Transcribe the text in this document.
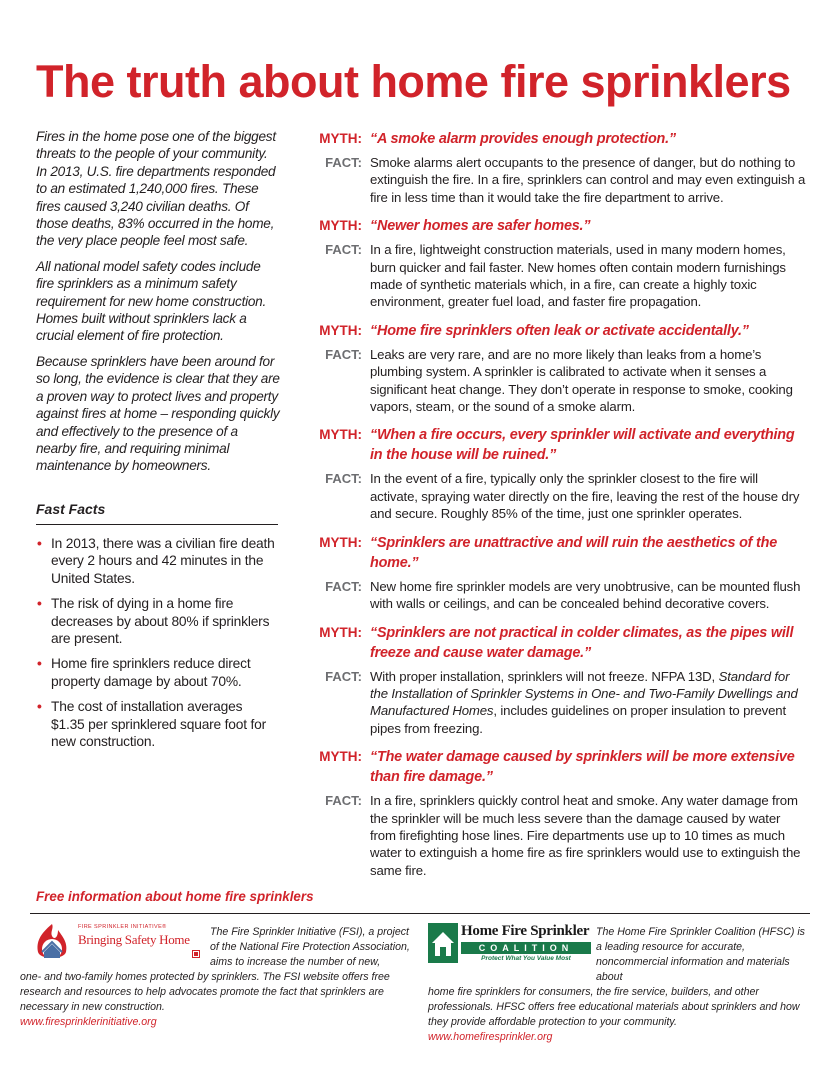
The truth about home fire sprinklers

Fires in the home pose one of the biggest threats to the people of your community. In 2013, U.S. fire departments responded to an estimated 1,240,000 fires. These fires caused 3,240 civilian deaths. Of those deaths, 83% occurred in the home, the very place people feel most safe.

All national model safety codes include fire sprinklers as a minimum safety requirement for new home construction. Homes built without sprinklers lack a crucial element of fire protection.

Because sprinklers have been around for so long, the evidence is clear that they are a proven way to protect lives and property against fires at home – responding quickly and effectively to the presence of a nearby fire, and requiring minimal maintenance by homeowners.

Fast Facts
• In 2013, there was a civilian fire death every 2 hours and 42 minutes in the United States.
• The risk of dying in a home fire decreases by about 80% if sprinklers are present.
• Home fire sprinklers reduce direct property damage by about 70%.
• The cost of installation averages $1.35 per sprinklered square foot for new construction.
MYTH: “A smoke alarm provides enough protection.”
FACT: Smoke alarms alert occupants to the presence of danger, but do nothing to extinguish the fire. In a fire, sprinklers can control and may even extinguish a fire in less time than it would take the fire department to arrive.
MYTH: “Newer homes are safer homes.”
FACT: In a fire, lightweight construction materials, used in many modern homes, burn quicker and fail faster. New homes often contain modern furnishings made of synthetic materials which, in a fire, can create a highly toxic environment, greater fuel load, and faster fire propagation.
MYTH: “Home fire sprinklers often leak or activate accidentally.”
FACT: Leaks are very rare, and are no more likely than leaks from a home’s plumbing system. A sprinkler is calibrated to activate when it senses a significant heat change. They don’t operate in response to smoke, cooking vapors, steam, or the sound of a smoke alarm.
MYTH: “When a fire occurs, every sprinkler will activate and everything in the house will be ruined.”
FACT: In the event of a fire, typically only the sprinkler closest to the fire will activate, spraying water directly on the fire, leaving the rest of the house dry and secure. Roughly 85% of the time, just one sprinkler operates.
MYTH: “Sprinklers are unattractive and will ruin the aesthetics of the home.”
FACT: New home fire sprinkler models are very unobtrusive, can be mounted flush with walls or ceilings, and can be concealed behind decorative covers.
MYTH: “Sprinklers are not practical in colder climates, as the pipes will freeze and cause water damage.”
FACT: With proper installation, sprinklers will not freeze. NFPA 13D, Standard for the Installation of Sprinkler Systems in One- and Two-Family Dwellings and Manufactured Homes, includes guidelines on proper insulation to prevent pipes from freezing.
MYTH: “The water damage caused by sprinklers will be more extensive than fire damage.”
FACT: In a fire, sprinklers quickly control heat and smoke. Any water damage from the sprinkler will be much less severe than the damage caused by water from firefighting hose lines. Fire departments use up to 10 times as much water to extinguish a home fire as fire sprinklers would use to extinguish the same fire.
Free information about home fire sprinklers
The Fire Sprinkler Initiative (FSI), a project of the National Fire Protection Association, aims to increase the number of new,
one- and two-family homes protected by sprinklers. The FSI website offers free research and resources to help advocates promote the fact that sprinklers are necessary in new construction.
www.firesprinklerinitiative.org
FIRE SPRINKLER INITIATIVE®
Bringing Safety Home	The Home Fire Sprinkler Coalition (HFSC) is a leading resource for accurate, noncommercial information and materials about
home fire sprinklers for consumers, the fire service, builders, and other professionals. HFSC offers free educational materials about sprinklers and how they provide affordable protection to your community.
www.homefiresprinkler.org
Home Fire Sprinkler
COALITION
Protect What You Value Most
